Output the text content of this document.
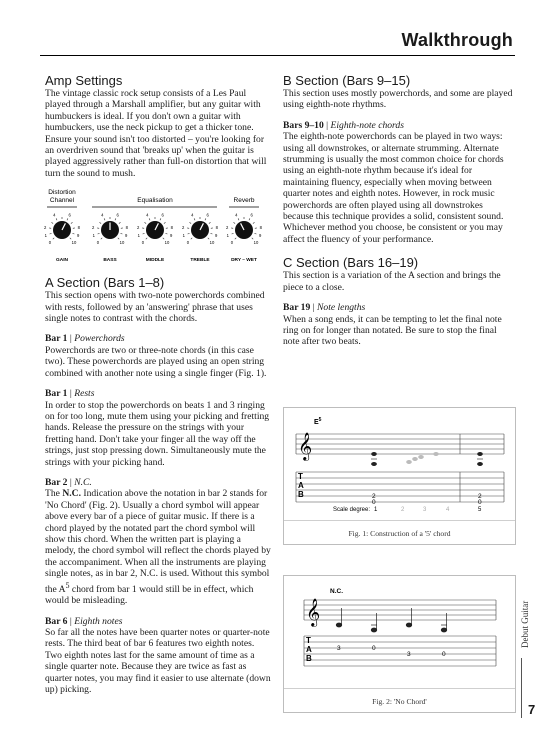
Walkthrough
Amp Settings

The vintage classic rock setup consists of a Les Paul played through a Marshall amplifier, but any guitar with humbuckers is ideal. If you don't own a guitar with humbuckers, use the neck pickup to get a thicker tone. Ensure your sound isn't too distorted – you're looking for an overdriven sound that 'breaks up' when the guitar is played aggressively rather than full-on distortion that will turn the sound to mush.

Distortion
Channel	Equalisation	Reverb
0
1
2
4	6
8
9
10
GAIN
0
1
2
4	6
8
9
10
BASS
0
1
2
4	6
8
9
10
MIDDLE
0
1
2
4	6
8
9
10
TREBLE
0
1
2
4	6
8
9
10
DRY – WET
A Section (Bars 1–8)

This section opens with two-note powerchords combined with rests, followed by an 'answering' phrase that uses single notes to contrast with the chords.

Bar 1 | Powerchords

Powerchords are two or three-note chords (in this case two). These powerchords are played using an open string combined with another note using a single finger (Fig. 1).

Bar 1 | Rests

In order to stop the powerchords on beats 1 and 3 ringing on for too long, mute them using your picking and fretting hands. Release the pressure on the strings with your fretting hand. Don't take your finger all the way off the strings, just stop pressing down. Simultaneously mute the strings with your picking hand.

Bar 2 | N.C.

The N.C. Indication above the notation in bar 2 stands for 'No Chord' (Fig. 2). Usually a chord symbol will appear above every bar of a piece of guitar music. If there is a chord played by the notated part the chord symbol will show this chord. When the written part is playing a melody, the chord symbol will reflect the chords played by the accompaniment. When all the instruments are playing single notes, as in bar 2, N.C. is used. Without this symbol the $A^5$ chord from bar 1 would still be in effect, which would be misleading.

Bar 6 | Eighth notes

So far all the notes have been quarter notes or quarter-note rests. The third beat of bar 6 features two eighth notes. Two eighth notes last for the same amount of time as a single quarter note. Because they are twice as fast as quarter notes, you may find it easier to use alternate (down up) picking.

B Section (Bars 9–15)

This section uses mostly powerchords, and some are played using eighth-note rhythms.

Bars 9–10 | Eighth-note chords

The eighth-note powerchords can be played in two ways: using all downstrokes, or alternate strumming. Alternate strumming is usually the most common choice for chords using an eighth-note rhythm because it's ideal for maintaining fluency, especially when moving between quarter notes and eighth notes. However, in rock music powerchords are often played using all downstrokes because this technique provides a solid, consistent sound. Whichever method you choose, be consistent or you may affect the fluency of your performance.

C Section (Bars 16–19)

This section is a variation of the A section and brings the piece to a close.

Bar 19 | Note lengths

When a song ends, it can be tempting to let the final note ring on for longer than notated. Be sure to stop the final note after two beats.

$E^5$
𝄞
T
A
B
0
2
0
2
Scale degree: 1	2	3	4	5
Fig. 1: Construction of a '5' chord
N.C.
𝄞
T
A
B
3	0
3	0
Fig. 2: 'No Chord'
Debut Guitar
7
